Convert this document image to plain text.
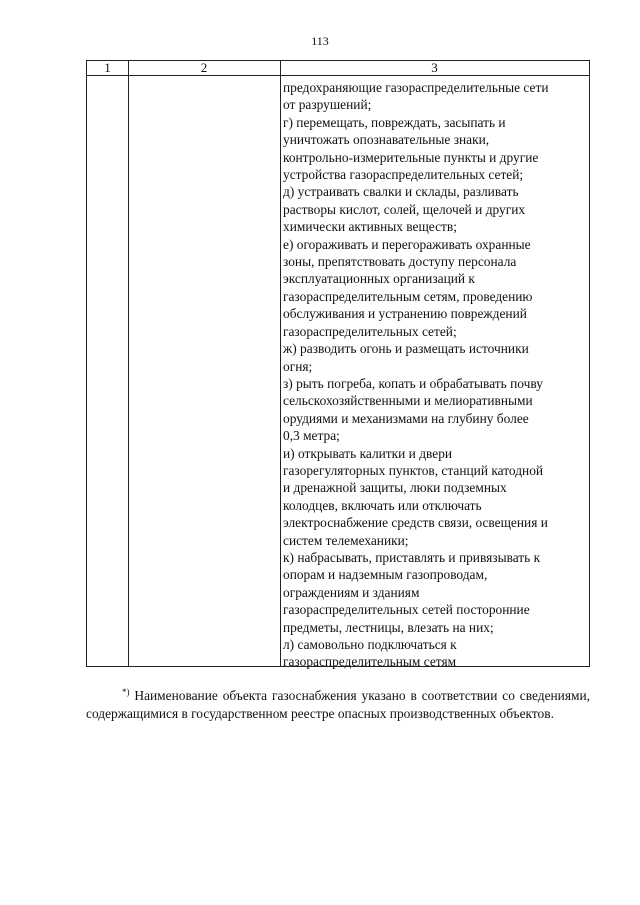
113
1	2	3
предохраняющие газораспределительные сети
от разрушений;
г) перемещать, повреждать, засыпать и
уничтожать опознавательные знаки,
контрольно-измерительные пункты и другие
устройства газораспределительных сетей;
д) устраивать свалки и склады, разливать
растворы кислот, солей, щелочей и других
химически активных веществ;
е) огораживать и перегораживать охранные
зоны, препятствовать доступу персонала
эксплуатационных организаций к
газораспределительным сетям, проведению
обслуживания и устранению повреждений
газораспределительных сетей;
ж) разводить огонь и размещать источники
огня;
з) рыть погреба, копать и обрабатывать почву
сельскохозяйственными и мелиоративными
орудиями и механизмами на глубину более
0,3 метра;
и) открывать калитки и двери
газорегуляторных пунктов, станций катодной
и дренажной защиты, люки подземных
колодцев, включать или отключать
электроснабжение средств связи, освещения и
систем телемеханики;
к) набрасывать, приставлять и привязывать к
опорам и надземным газопроводам,
ограждениям и зданиям
газораспределительных сетей посторонние
предметы, лестницы, влезать на них;
л) самовольно подключаться к
газораспределительным сетям

*) Наименование объекта газоснабжения указано в соответствии со сведениями, содержащимися в государственном реестре опасных производственных объектов.
